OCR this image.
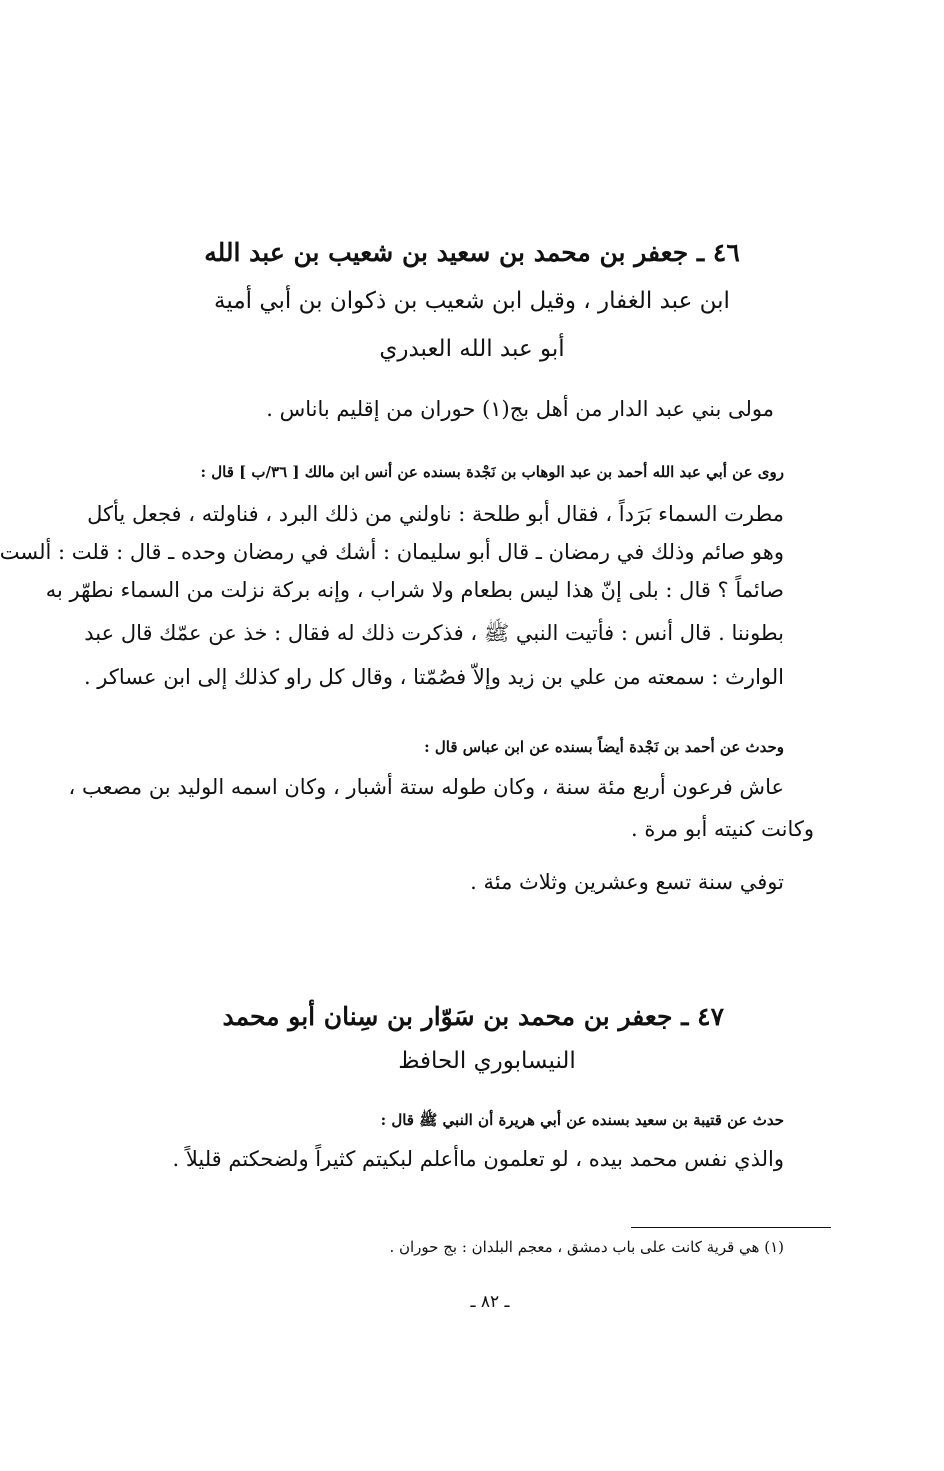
٤٦ ـ جعفر بن محمد بن سعيد بن شعيب بن عبد الله
ابن عبد الغفار ، وقيل ابن شعيب بن ذكوان بن أبي أمية
أبو عبد الله العبدري
مولى بني عبد الدار من أهل بج(١) حوران من إقليم باناس .
روى عن أبي عبد الله أحمد بن عبد الوهاب بن نَجْدة بسنده عن أنس ابن مالك [ ٣٦/ب ] قال :
مطرت السماء بَرَداً ، فقال أبو طلحة : ناولني من ذلك البرد ، فناولته ، فجعل يأكل
وهو صائم وذلك في رمضان ـ قال أبو سليمان : أشك في رمضان وحده ـ قال : قلت : ألست
صائماً ؟ قال : بلى إنّ هذا ليس بطعام ولا شراب ، وإنه بركة نزلت من السماء نطهّر به
بطوننا . قال أنس : فأتيت النبي ﷺ ، فذكرت ذلك له فقال : خذ عن عمّك قال عبد
الوارث : سمعته من علي بن زيد وإلاّ فصُمّتا ، وقال كل راو كذلك إلى ابن عساكر .
وحدث عن أحمد بن نَجْدة أيضاً بسنده عن ابن عباس قال :
عاش فرعون أربع مئة سنة ، وكان طوله ستة أشبار ، وكان اسمه الوليد بن مصعب ،
وكانت كنيته أبو مرة .
توفي سنة تسع وعشرين وثلاث مئة .
٤٧ ـ جعفر بن محمد بن سَوّار بن سِنان أبو محمد
النيسابوري الحافظ
حدث عن قتيبة بن سعيد بسنده عن أبي هريرة أن النبي ﷺ قال :
والذي نفس محمد بيده ، لو تعلمون ماأعلم لبكيتم كثيراً ولضحكتم قليلاً .
(١) هي قرية كانت على باب دمشق ، معجم البلدان : بج حوران .
ـ ٨٢ ـ
